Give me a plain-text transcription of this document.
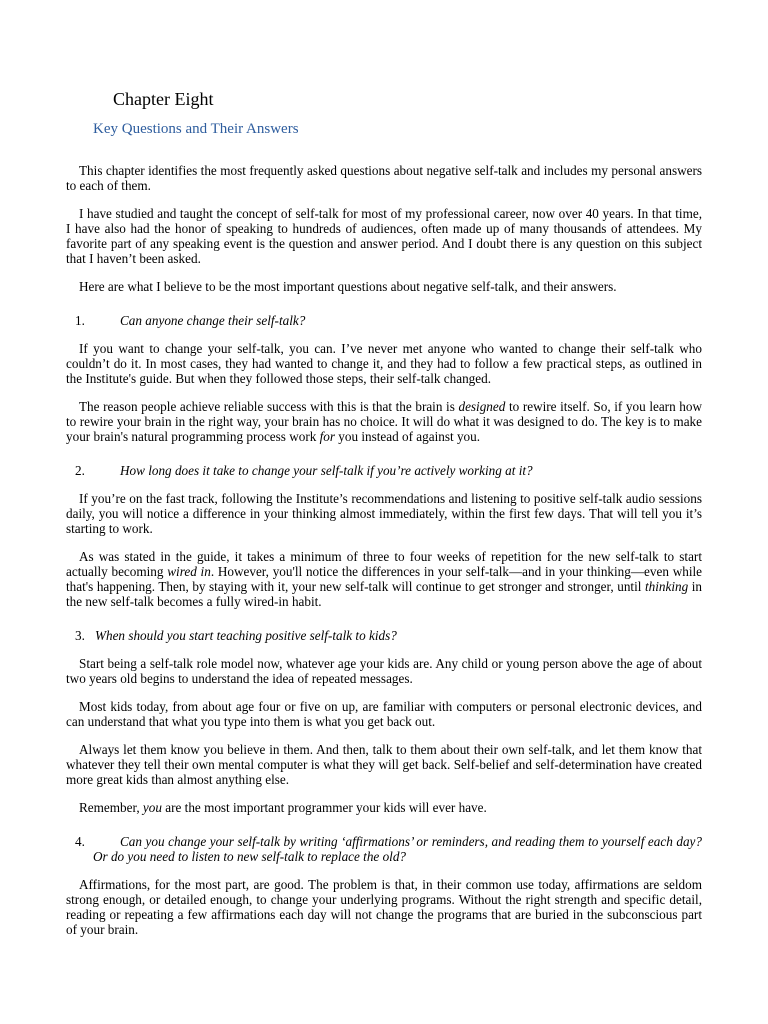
Chapter Eight
Key Questions and Their Answers

This chapter identifies the most frequently asked questions about negative self-talk and includes my personal answers to each of them.

I have studied and taught the concept of self-talk for most of my professional career, now over 40 years. In that time, I have also had the honor of speaking to hundreds of audiences, often made up of many thousands of attendees. My favorite part of any speaking event is the question and answer period. And I doubt there is any question on this subject that I haven’t been asked.

Here are what I believe to be the most important questions about negative self-talk, and their answers.

1.	Can anyone change their self-talk?

If you want to change your self-talk, you can. I’ve never met anyone who wanted to change their self-talk who couldn’t do it. In most cases, they had wanted to change it, and they had to follow a few practical steps, as outlined in the Institute's guide. But when they followed those steps, their self-talk changed.

The reason people achieve reliable success with this is that the brain is designed to rewire itself. So, if you learn how to rewire your brain in the right way, your brain has no choice. It will do what it was designed to do. The key is to make your brain's natural programming process work for you instead of against you.

2.	How long does it take to change your self-talk if you’re actively working at it?

If you’re on the fast track, following the Institute’s recommendations and listening to positive self-talk audio sessions daily, you will notice a difference in your thinking almost immediately, within the first few days. That will tell you it’s starting to work.

As was stated in the guide, it takes a minimum of three to four weeks of repetition for the new self-talk to start actually becoming wired in. However, you'll notice the differences in your self-talk—and in your thinking—even while that's happening. Then, by staying with it, your new self-talk will continue to get stronger and stronger, until thinking in the new self-talk becomes a fully wired-in habit.

3. When should you start teaching positive self-talk to kids?

Start being a self-talk role model now, whatever age your kids are. Any child or young person above the age of about two years old begins to understand the idea of repeated messages.

Most kids today, from about age four or five on up, are familiar with computers or personal electronic devices, and can understand that what you type into them is what you get back out.

Always let them know you believe in them. And then, talk to them about their own self-talk, and let them know that whatever they tell their own mental computer is what they will get back. Self-belief and self-determination have created more great kids than almost anything else.

Remember, you are the most important programmer your kids will ever have.

4.	Can you change your self-talk by writing ‘affirmations’ or reminders, and reading them to yourself each day? Or do you need to listen to new self-talk to replace the old?

Affirmations, for the most part, are good. The problem is that, in their common use today, affirmations are seldom strong enough, or detailed enough, to change your underlying programs. Without the right strength and specific detail, reading or repeating a few affirmations each day will not change the programs that are buried in the subconscious part of your brain.
